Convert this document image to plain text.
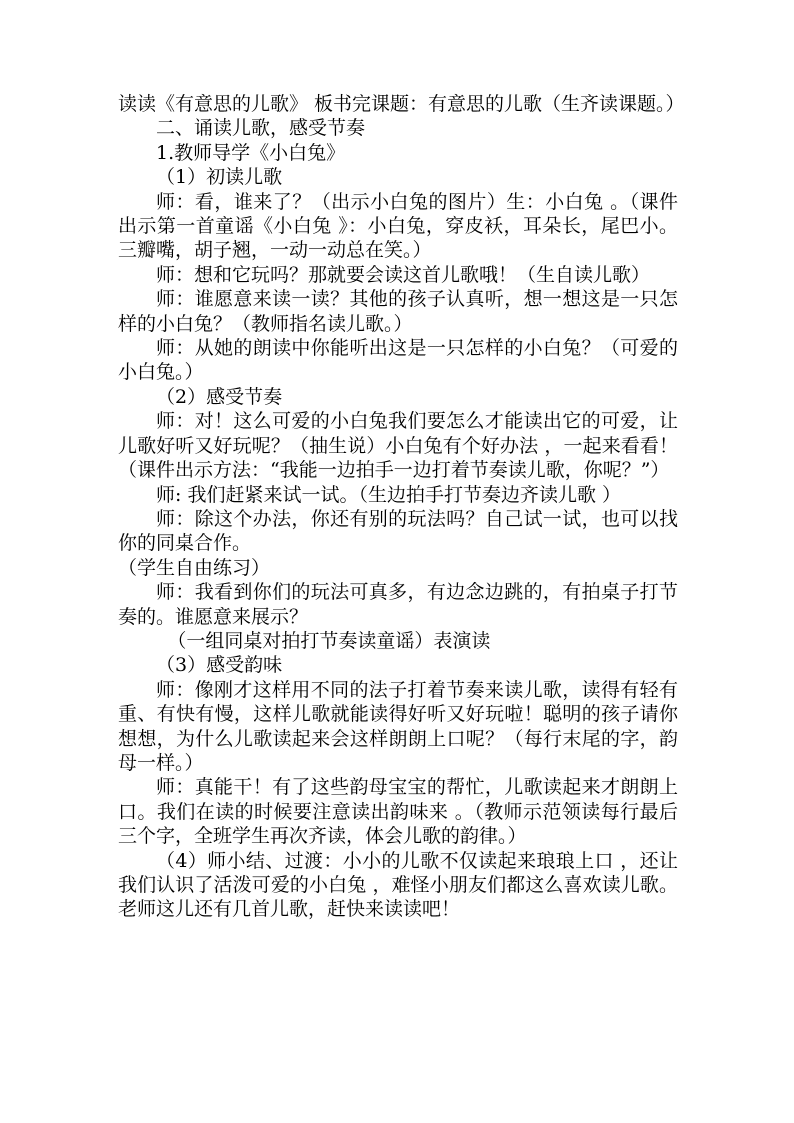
读读《有意思的儿歌》 板书完课题：有意思的儿歌（生齐读课题。）

二、诵读儿歌，感受节奏

1.教师导学《小白兔》

（1）初读儿歌

师：看，谁来了？（出示小白兔的图片）生：小白兔 。（课件出示第一首童谣《小白兔 》：小白兔，穿皮袄，耳朵长，尾巴小。三瓣嘴，胡子翘，一动一动总在笑。）

师：想和它玩吗？那就要会读这首儿歌哦！（生自读儿歌）

师：谁愿意来读一读？其他的孩子认真听，想一想这是一只怎样的小白兔？（教师指名读儿歌。）

师：从她的朗读中你能听出这是一只怎样的小白兔？（可爱的小白兔。）

（2）感受节奏

师：对！这么可爱的小白兔我们要怎么才能读出它的可爱，让儿歌好听又好玩呢？（抽生说）小白兔有个好办法 ，一起来看看！（课件出示方法：“我能一边拍手一边打着节奏读儿歌，你呢？”）

师: 我们赶紧来试一试。（生边拍手打节奏边齐读儿歌 ）

师：除这个办法，你还有别的玩法吗？自己试一试，也可以找你的同桌合作。

（学生自由练习）

师：我看到你们的玩法可真多，有边念边跳的，有拍桌子打节奏的。谁愿意来展示？

（一组同桌对拍打节奏读童谣）表演读

（3）感受韵味

师：像刚才这样用不同的法子打着节奏来读儿歌，读得有轻有重、有快有慢，这样儿歌就能读得好听又好玩啦！聪明的孩子请你想想，为什么儿歌读起来会这样朗朗上口呢？（每行末尾的字，韵母一样。）

师：真能干！有了这些韵母宝宝的帮忙，儿歌读起来才朗朗上口。我们在读的时候要注意读出韵味来 。（教师示范领读每行最后三个字，全班学生再次齐读，体会儿歌的韵律。）

（4）师小结、过渡：小小的儿歌不仅读起来琅琅上口 ，还让我们认识了活泼可爱的小白兔 ，难怪小朋友们都这么喜欢读儿歌。老师这儿还有几首儿歌，赶快来读读吧！
